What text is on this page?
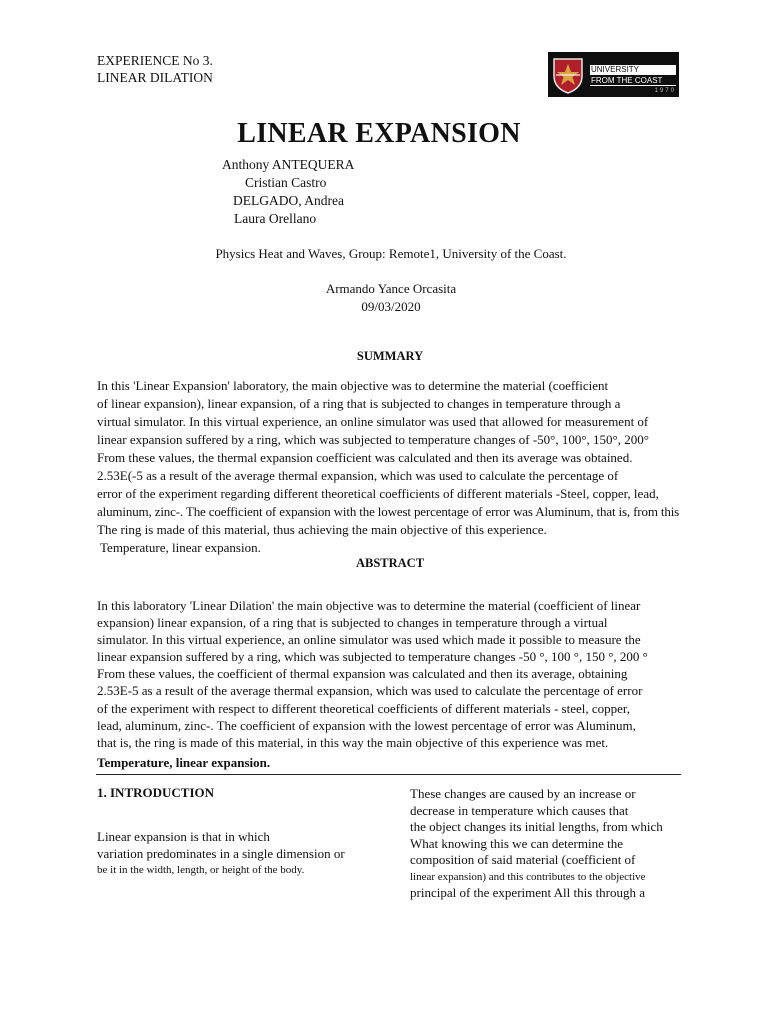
EXPERIENCE No 3.
LINEAR DILATION
UNIVERSITY
FROM THE COAST
1970
LINEAR EXPANSION
Anthony ANTEQUERA
Cristian Castro
DELGADO, Andrea
Laura Orellano
Physics Heat and Waves, Group: Remote1, University of the Coast.
Armando Yance Orcasita
09/03/2020
SUMMARY
In this 'Linear Expansion' laboratory, the main objective was to determine the material (coefficient
of linear expansion), linear expansion, of a ring that is subjected to changes in temperature through a
virtual simulator. In this virtual experience, an online simulator was used that allowed for measurement of
linear expansion suffered by a ring, which was subjected to temperature changes of -50°, 100°, 150°, 200°
From these values, the thermal expansion coefficient was calculated and then its average was obtained.
2.53E(-5 as a result of the average thermal expansion, which was used to calculate the percentage of
error of the experiment regarding different theoretical coefficients of different materials -Steel, copper, lead,
aluminum, zinc-. The coefficient of expansion with the lowest percentage of error was Aluminum, that is, from this
The ring is made of this material, thus achieving the main objective of this experience.
Temperature, linear expansion.
ABSTRACT
In this laboratory 'Linear Dilation' the main objective was to determine the material (coefficient of linear
expansion) linear expansion, of a ring that is subjected to changes in temperature through a virtual
simulator. In this virtual experience, an online simulator was used which made it possible to measure the
linear expansion suffered by a ring, which was subjected to temperature changes -50 °, 100 °, 150 °, 200 °
From these values, the coefficient of thermal expansion was calculated and then its average, obtaining
2.53E-5 as a result of the average thermal expansion, which was used to calculate the percentage of error
of the experiment with respect to different theoretical coefficients of different materials - steel, copper,
lead, aluminum, zinc-. The coefficient of expansion with the lowest percentage of error was Aluminum,
that is, the ring is made of this material, in this way the main objective of this experience was met.
Temperature, linear expansion.
1. INTRODUCTION
Linear expansion is that in which
variation predominates in a single dimension or
be it in the width, length, or height of the body.
These changes are caused by an increase or
decrease in temperature which causes that
the object changes its initial lengths, from which
What knowing this we can determine the
composition of said material (coefficient of
linear expansion) and this contributes to the objective
principal of the experiment All this through a
